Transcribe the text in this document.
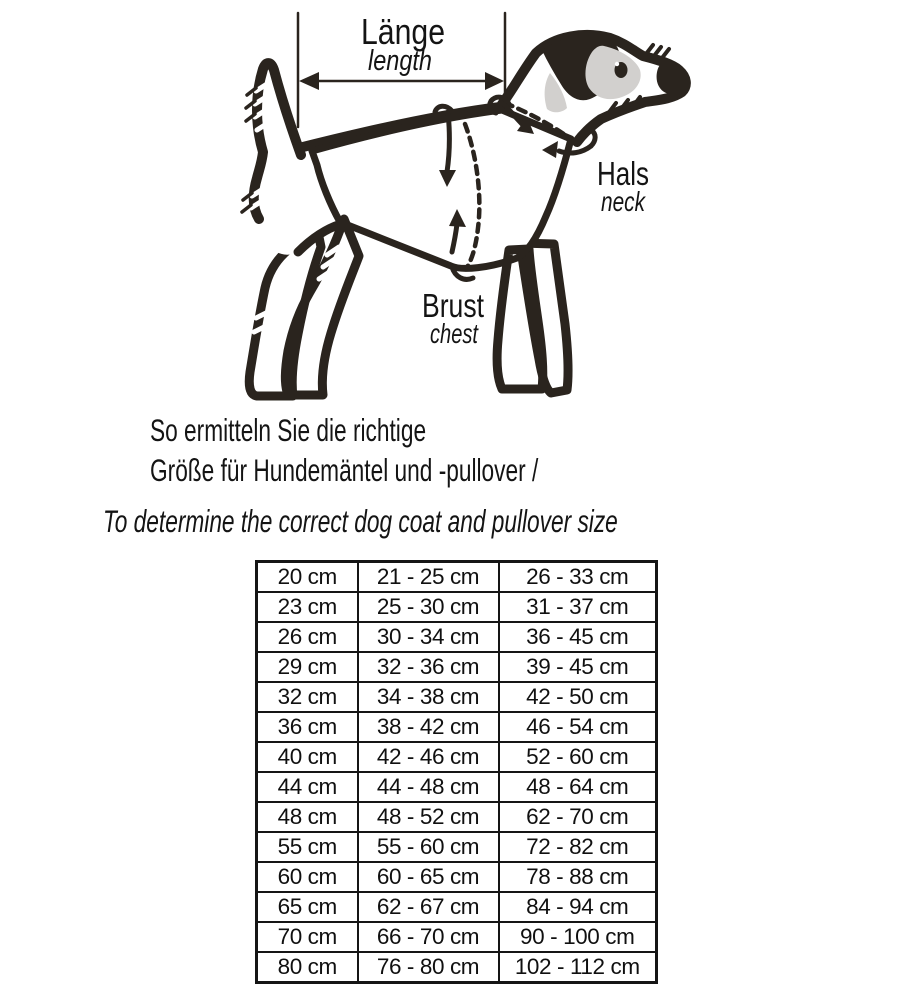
Länge
length
Hals
neck
Brust
chest
So ermitteln Sie die richtige
Größe für Hundemäntel und -pullover /
To determine the correct dog coat and pullover size
20 cm	21 - 25 cm	26 - 33 cm
23 cm	25 - 30 cm	31 - 37 cm
26 cm	30 - 34 cm	36 - 45 cm
29 cm	32 - 36 cm	39 - 45 cm
32 cm	34 - 38 cm	42 - 50 cm
36 cm	38 - 42 cm	46 - 54 cm
40 cm	42 - 46 cm	52 - 60 cm
44 cm	44 - 48 cm	48 - 64 cm
48 cm	48 - 52 cm	62 - 70 cm
55 cm	55 - 60 cm	72 - 82 cm
60 cm	60 - 65 cm	78 - 88 cm
65 cm	62 - 67 cm	84 - 94 cm
70 cm	66 - 70 cm	90 - 100 cm
80 cm	76 - 80 cm	102 - 112 cm
